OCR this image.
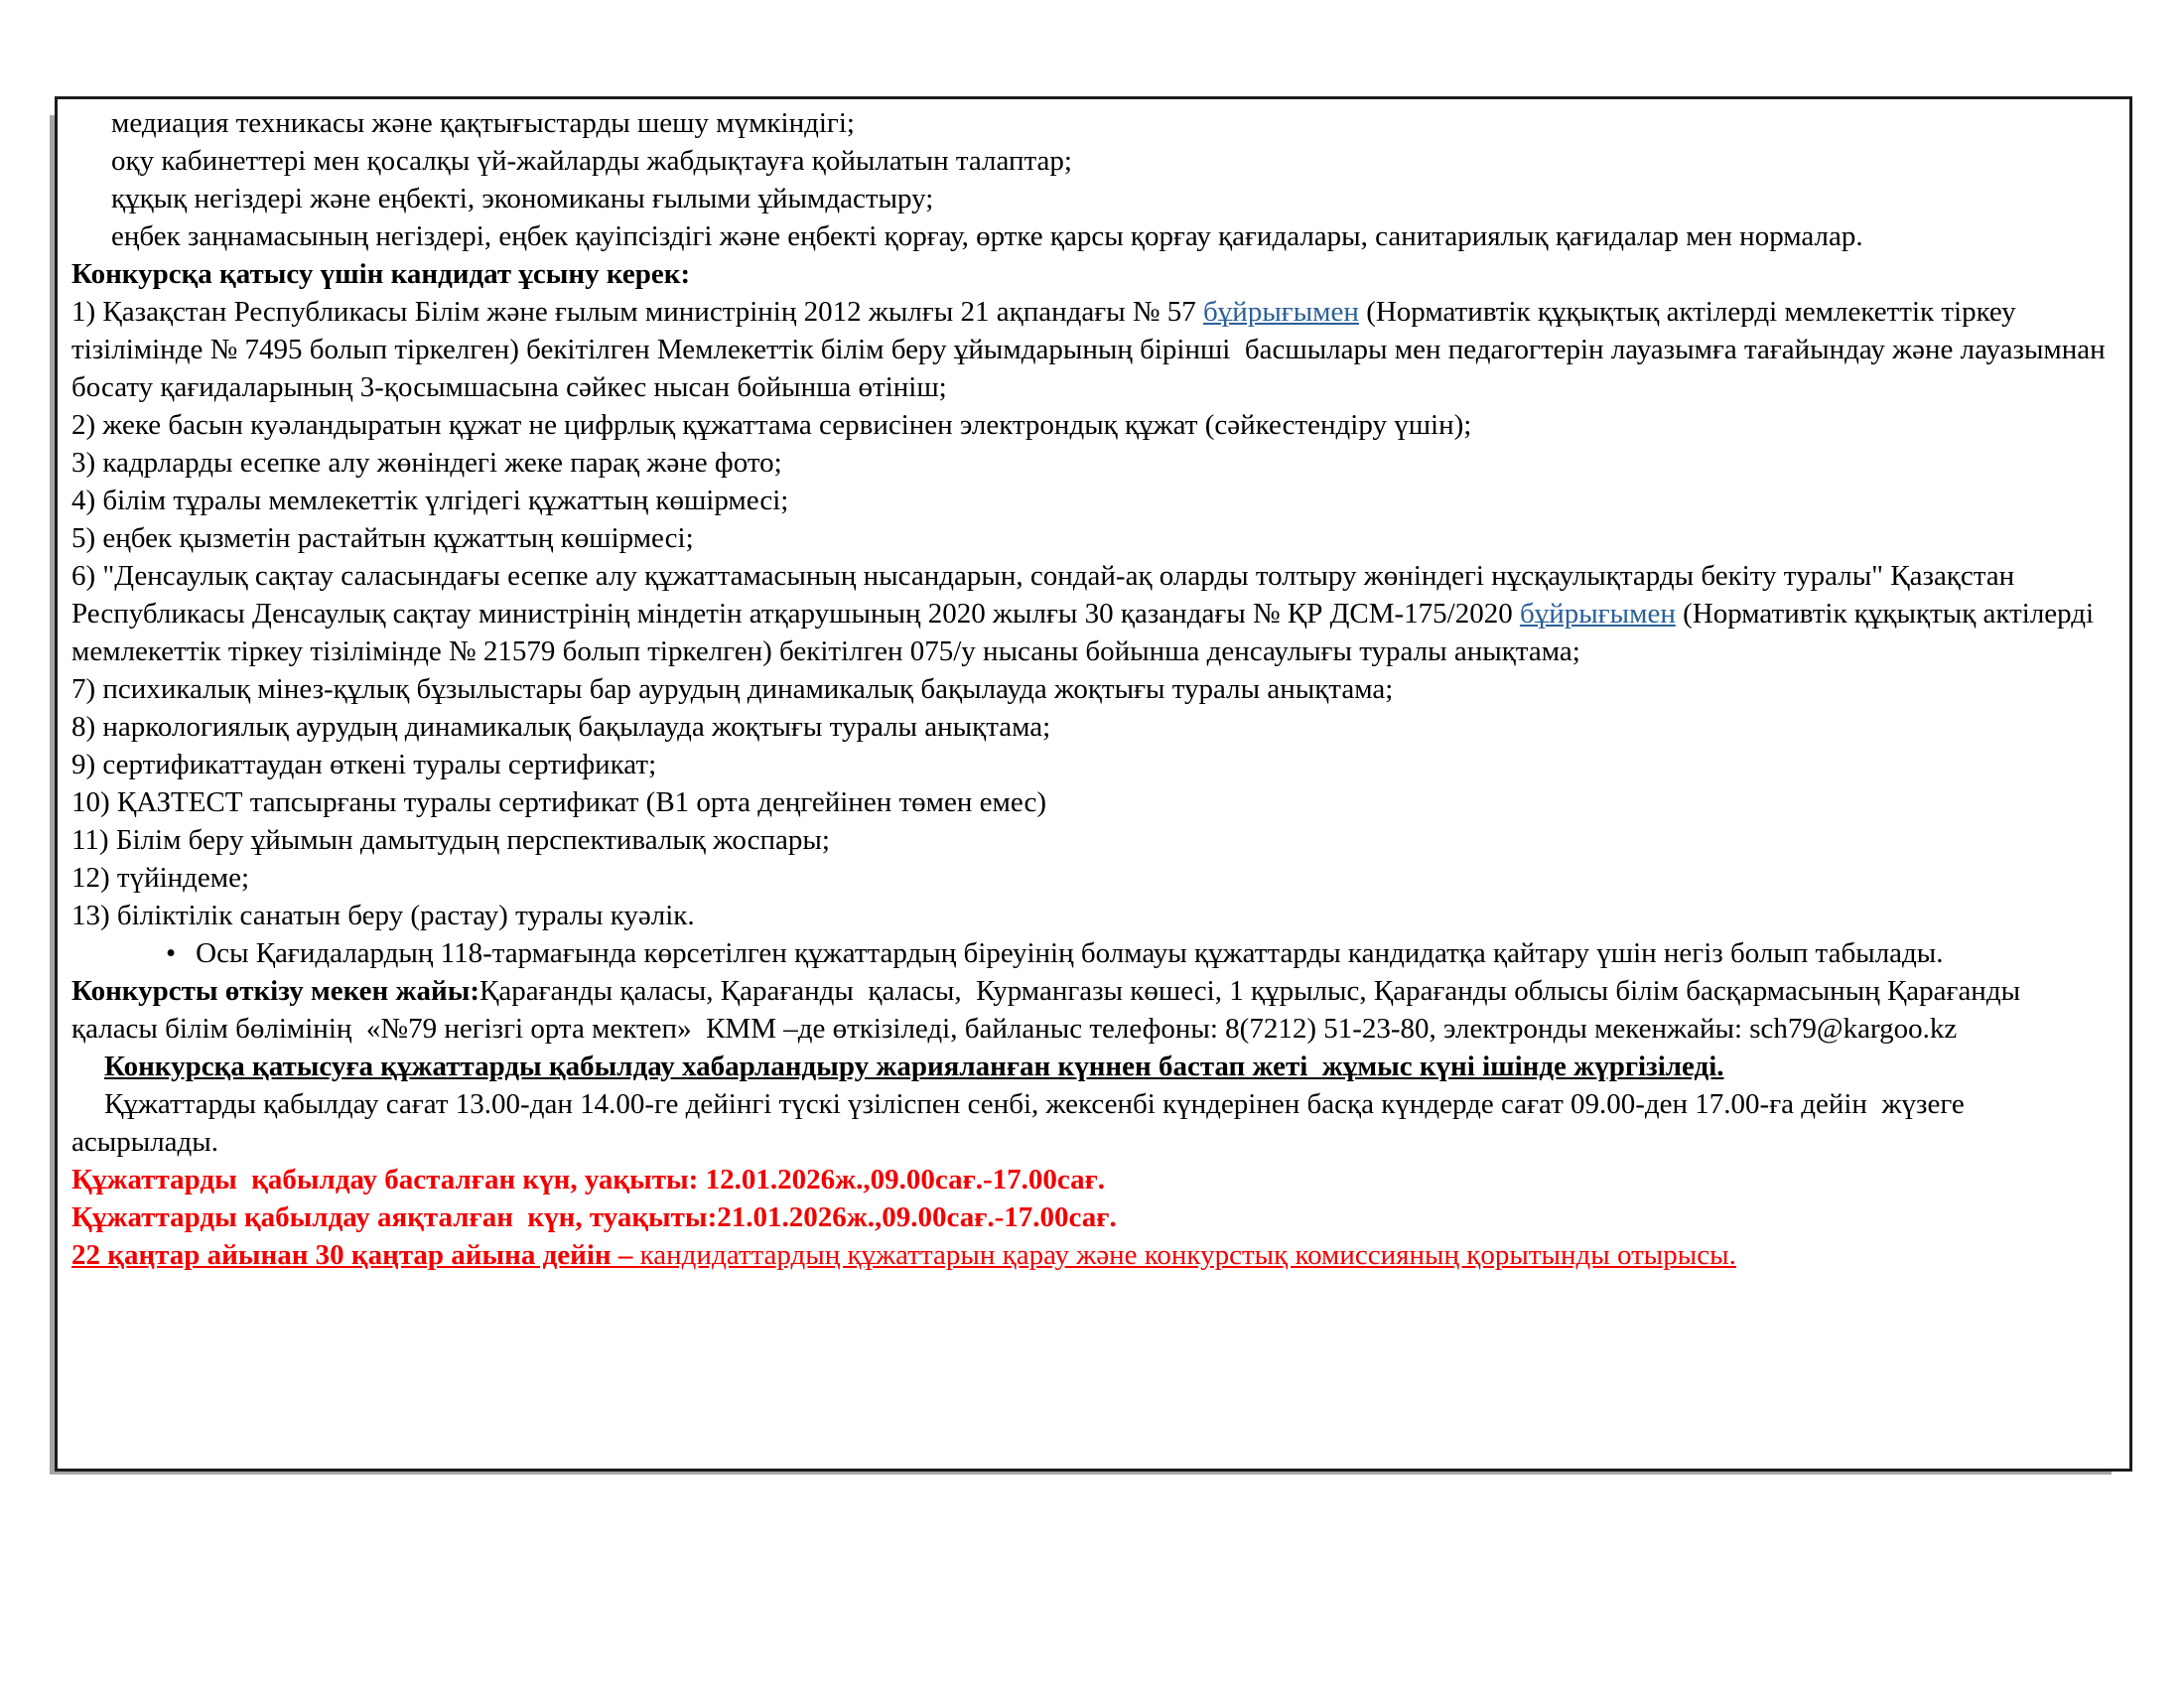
медиация техникасы және қақтығыстарды шешу мүмкіндігі;

оқу кабинеттері мен қосалқы үй-жайларды жабдықтауға қойылатын талаптар;

құқық негіздері және еңбекті, экономиканы ғылыми ұйымдастыру;

еңбек заңнамасының негіздері, еңбек қауіпсіздігі және еңбекті қорғау, өртке қарсы қорғау қағидалары, санитариялық қағидалар мен нормалар.

Конкурсқа қатысу үшін кандидат ұсыну керек:

1) Қазақстан Республикасы Білім және ғылым министрінің 2012 жылғы 21 ақпандағы № 57 бұйрығымен (Нормативтік құқықтық актілерді мемлекеттік тіркеу тізілімінде № 7495 болып тіркелген) бекітілген Мемлекеттік білім беру ұйымдарының бірінші  басшылары мен педагогтерін лауазымға тағайындау және лауазымнан босату қағидаларының 3-қосымшасына сәйкес нысан бойынша өтініш;

2) жеке басын куәландыратын құжат не цифрлық құжаттама сервисінен электрондық құжат (сәйкестендіру үшін);

3) кадрларды есепке алу жөніндегі жеке парақ және фото;

4) білім тұралы мемлекеттік үлгідегі құжаттың көшірмесі;

5) еңбек қызметін растайтын құжаттың көшірмесі;

6) "Денсаулық сақтау саласындағы есепке алу құжаттамасының нысандарын, сондай-ақ оларды толтыру жөніндегі нұсқаулықтарды бекіту туралы" Қазақстан Республикасы Денсаулық сақтау министрінің міндетін атқарушының 2020 жылғы 30 қазандағы № ҚР ДСМ-175/2020 бұйрығымен (Нормативтік құқықтық актілерді мемлекеттік тіркеу тізілімінде № 21579 болып тіркелген) бекітілген 075/у нысаны бойынша денсаулығы туралы анықтама;

7) психикалық мінез-құлық бұзылыстары бар аурудың динамикалық бақылауда жоқтығы туралы анықтама;

8) наркологиялық аурудың динамикалық бақылауда жоқтығы туралы анықтама;

9) сертификаттаудан өткені туралы сертификат;

10) ҚАЗТЕСТ тапсырғаны туралы сертификат (B1 орта деңгейінен төмен емес)

11) Білім беру ұйымын дамытудың перспективалық жоспары;

12) түйіндеме;

13) біліктілік санатын беру (растау) туралы куәлік.

• Осы Қағидалардың 118-тармағында көрсетілген құжаттардың біреуінің болмауы құжаттарды кандидатқа қайтару үшін негіз болып табылады.

Конкурсты өткізу мекен жайы:Қарағанды қаласы, Қарағанды  қаласы,  Курмангазы көшесі, 1 құрылыс, Қарағанды облысы білім басқармасының Қарағанды қаласы білім бөлімінің  «№79 негізгі орта мектеп»  КММ –де өткізіледі, байланыс телефоны: 8(7212) 51-23-80, электронды мекенжайы: sch79@kargoo.kz

Конкурсқа қатысуға құжаттарды қабылдау хабарландыру жарияланған күннен бастап жеті  жұмыс күні ішінде жүргізіледі.

Құжаттарды қабылдау сағат 13.00-дан 14.00-ге дейінгі түскі үзіліспен сенбі, жексенбі күндерінен басқа күндерде сағат 09.00-ден 17.00-ға дейін  жүзеге асырылады.

Құжаттарды  қабылдау басталған күн, уақыты: 12.01.2026ж.,09.00сағ.-17.00сағ.

Құжаттарды қабылдау аяқталған  күн, туақыты:21.01.2026ж.,09.00сағ.-17.00сағ.

22 қаңтар айынан 30 қаңтар айына дейін – кандидаттардың құжаттарын қарау және конкурстық комиссияның қорытынды отырысы.
